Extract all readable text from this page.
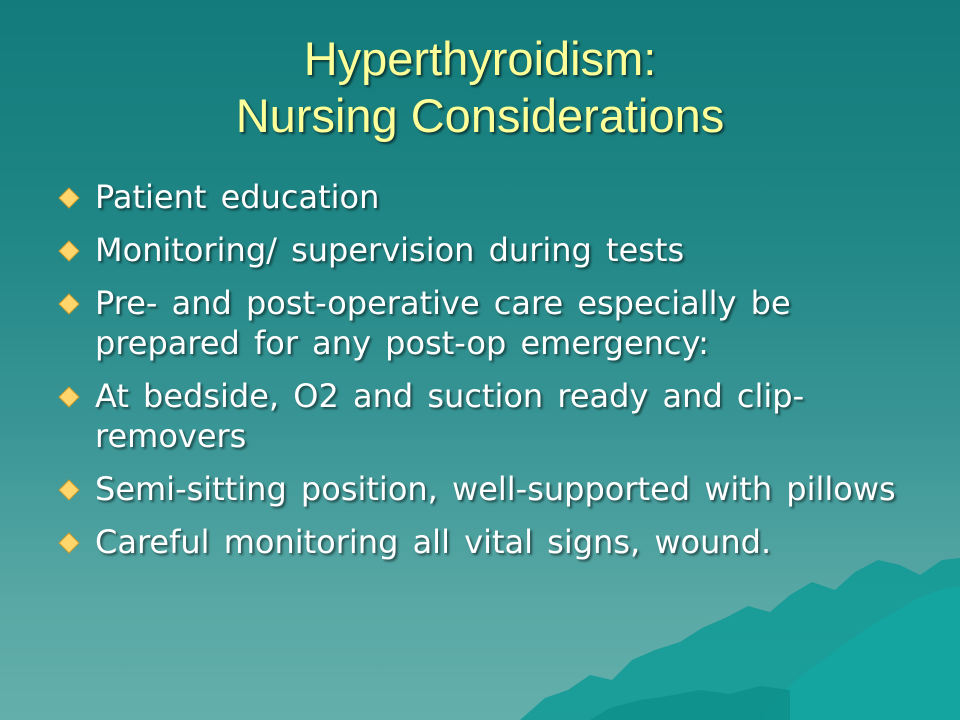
Hyperthyroidism:
Nursing Considerations
Patient education
Monitoring/ supervision during tests
Pre- and post-operative care especially be prepared for any post-op emergency:
At bedside, O2 and suction ready and clip-removers
Semi-sitting position, well-supported with pillows
Careful monitoring all vital signs, wound.
